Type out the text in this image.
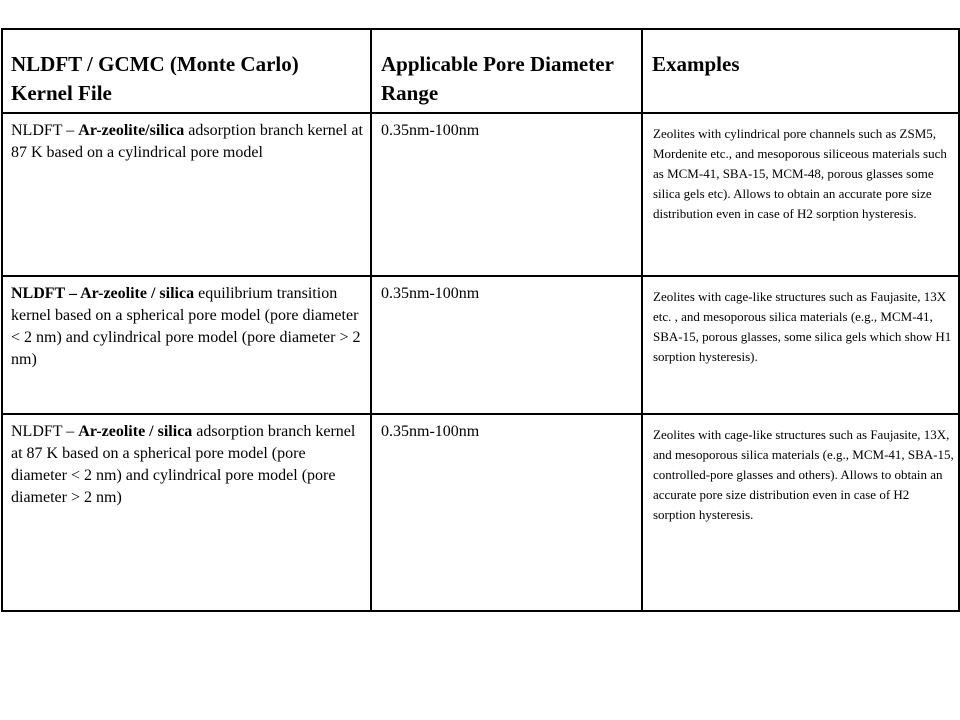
NLDFT / GCMC (Monte Carlo) Kernel File	Applicable Pore Diameter Range	Examples

NLDFT – Ar-zeolite/silica adsorption branch kernel at 87 K based on a cylindrical pore model	0.35nm-100nm	Zeolites with cylindrical pore channels such as ZSM5, Mordenite etc., and mesoporous siliceous materials such as MCM-41, SBA-15, MCM-48, porous glasses some silica gels etc). Allows to obtain an accurate pore size distribution even in case of H2 sorption hysteresis.

NLDFT – Ar-zeolite / silica equilibrium transition kernel based on a spherical pore model (pore diameter < 2 nm) and cylindrical pore model (pore diameter > 2 nm)	0.35nm-100nm	Zeolites with cage-like structures such as Faujasite, 13X etc. , and mesoporous silica materials (e.g., MCM-41, SBA-15, porous glasses, some silica gels which show H1 sorption hysteresis).

NLDFT – Ar-zeolite / silica adsorption branch kernel at 87 K based on a spherical pore model (pore diameter < 2 nm) and cylindrical pore model (pore diameter > 2 nm)	0.35nm-100nm	Zeolites with cage-like structures such as Faujasite, 13X, and mesoporous silica materials (e.g., MCM-41, SBA-15, controlled-pore glasses and others). Allows to obtain an accurate pore size distribution even in case of H2 sorption hysteresis.
